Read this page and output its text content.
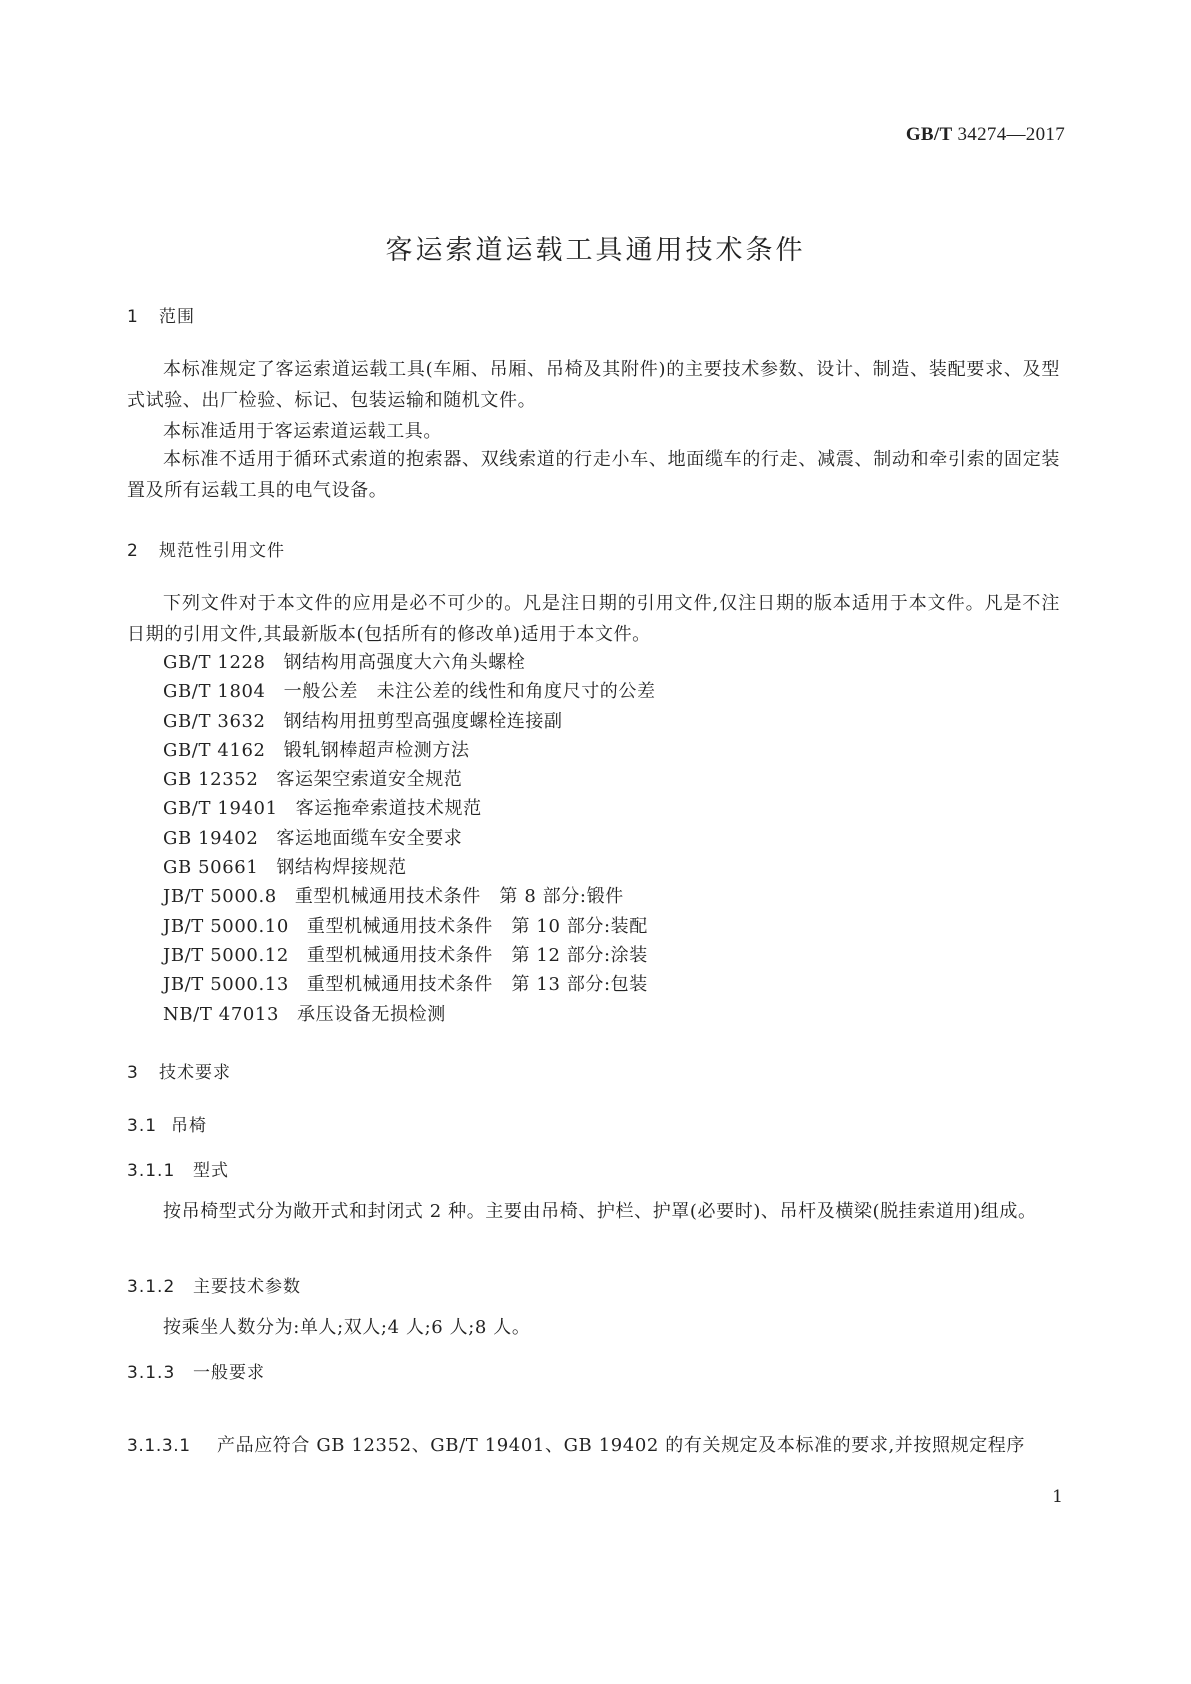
GB/T 34274—2017
客运索道运载工具通用技术条件
1 范围
本标准规定了客运索道运载工具(车厢、吊厢、吊椅及其附件)的主要技术参数、设计、制造、装配要求、及型式试验、出厂检验、标记、包装运输和随机文件。
本标准适用于客运索道运载工具。
本标准不适用于循环式索道的抱索器、双线索道的行走小车、地面缆车的行走、减震、制动和牵引索的固定装置及所有运载工具的电气设备。
2 规范性引用文件
下列文件对于本文件的应用是必不可少的。凡是注日期的引用文件,仅注日期的版本适用于本文件。凡是不注日期的引用文件,其最新版本(包括所有的修改单)适用于本文件。
GB/T 1228 钢结构用高强度大六角头螺栓
GB/T 1804 一般公差　未注公差的线性和角度尺寸的公差
GB/T 3632 钢结构用扭剪型高强度螺栓连接副
GB/T 4162 锻轧钢棒超声检测方法
GB 12352 客运架空索道安全规范
GB/T 19401 客运拖牵索道技术规范
GB 19402 客运地面缆车安全要求
GB 50661 钢结构焊接规范
JB/T 5000.8 重型机械通用技术条件　第 8 部分:锻件
JB/T 5000.10 重型机械通用技术条件　第 10 部分:装配
JB/T 5000.12 重型机械通用技术条件　第 12 部分:涂装
JB/T 5000.13 重型机械通用技术条件　第 13 部分:包装
NB/T 47013 承压设备无损检测
3 技术要求
3.1 吊椅
3.1.1 型式
按吊椅型式分为敞开式和封闭式 2 种。主要由吊椅、护栏、护罩(必要时)、吊杆及横梁(脱挂索道用)组成。
3.1.2 主要技术参数
按乘坐人数分为:单人;双人;4 人;6 人;8 人。
3.1.3 一般要求
3.1.3.1 产品应符合 GB 12352、GB/T 19401、GB 19402 的有关规定及本标准的要求,并按照规定程序
1
